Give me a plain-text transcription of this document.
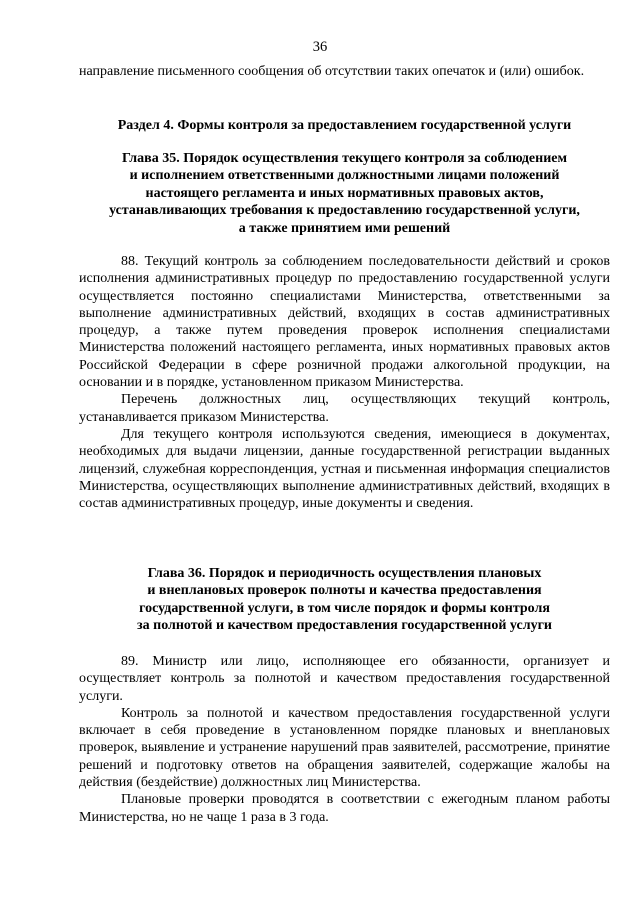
36

направление письменного сообщения об отсутствии таких опечаток и (или) ошибок.

Раздел 4. Формы контроля за предоставлением государственной услуги
Глава 35. Порядок осуществления текущего контроля за соблюдением
и исполнением ответственными должностными лицами положений
настоящего регламента и иных нормативных правовых актов,
устанавливающих требования к предоставлению государственной услуги,
а также принятием ими решений

88. Текущий контроль за соблюдением последовательности действий и сроков исполнения административных процедур по предоставлению государственной услуги осуществляется постоянно специалистами Министерства, ответственными за выполнение административных действий, входящих в состав административных процедур, а также путем проведения проверок исполнения специалистами Министерства положений настоящего регламента, иных нормативных правовых актов Российской Федерации в сфере розничной продажи алкогольной продукции, на основании и в порядке, установленном приказом Министерства.

Перечень должностных лиц, осуществляющих текущий контроль, устанавливается приказом Министерства.

Для текущего контроля используются сведения, имеющиеся в документах, необходимых для выдачи лицензии, данные государственной регистрации выданных лицензий, служебная корреспонденция, устная и письменная информация специалистов Министерства, осуществляющих выполнение административных действий, входящих в состав административных процедур, иные документы и сведения.

Глава 36. Порядок и периодичность осуществления плановых
и внеплановых проверок полноты и качества предоставления
государственной услуги, в том числе порядок и формы контроля
за полнотой и качеством предоставления государственной услуги

89. Министр или лицо, исполняющее его обязанности, организует и осуществляет контроль за полнотой и качеством предоставления государственной услуги.

Контроль за полнотой и качеством предоставления государственной услуги включает в себя проведение в установленном порядке плановых и внеплановых проверок, выявление и устранение нарушений прав заявителей, рассмотрение, принятие решений и подготовку ответов на обращения заявителей, содержащие жалобы на действия (бездействие) должностных лиц Министерства.

Плановые проверки проводятся в соответствии с ежегодным планом работы Министерства, но не чаще 1 раза в 3 года.
